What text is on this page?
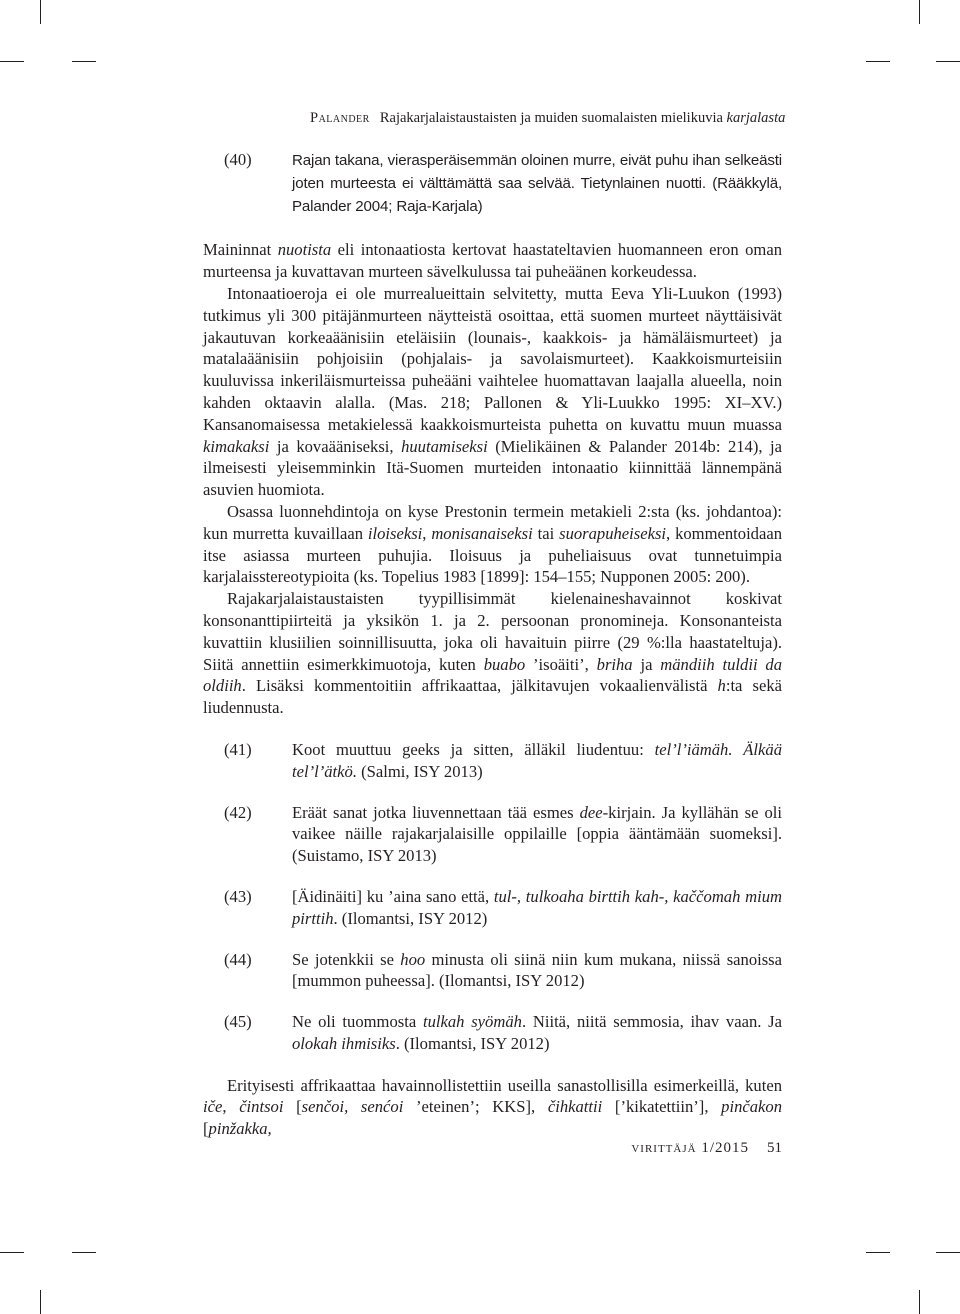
Palander Rajakarjalaistaustaisten ja muiden suomalaisten mielikuvia karjalasta
(40)	Rajan takana, vierasperäisemmän oloinen murre, eivät puhu ihan selkeästi joten murteesta ei välttämättä saa selvää. Tietynlainen nuotti. (Rääkkylä, Palander 2004; Raja-Karjala)

Maininnat nuotista eli intonaatiosta kertovat haastateltavien huomanneen eron oman murteensa ja kuvattavan murteen sävelkulussa tai puheäänen korkeudessa.

Intonaatioeroja ei ole murrealueittain selvitetty, mutta Eeva Yli-Luukon (1993) tutkimus yli 300 pitäjänmurteen näytteistä osoittaa, että suomen murteet näyttäisivät jakautuvan korkeaäänisiin eteläisiin (lounais-, kaakkois- ja hämäläismurteet) ja matalaäänisiin pohjoisiin (pohjalais- ja savolaismurteet). Kaakkoismurteisiin kuuluvissa inkeriläismurteissa puheääni vaihtelee huomattavan laajalla alueella, noin kahden oktaavin alalla. (Mas. 218; Pallonen & Yli-Luukko 1995: XI–XV.) Kansanomaisessa metakielessä kaakkoismurteista puhetta on kuvattu muun muassa kimakaksi ja kovaääniseksi, huutamiseksi (Mielikäinen & Palander 2014b: 214), ja ilmeisesti yleisemminkin Itä-Suomen murteiden intonaatio kiinnittää lännempänä asuvien huomiota.

Osassa luonnehdintoja on kyse Prestonin termein metakieli 2:sta (ks. johdantoa): kun murretta kuvaillaan iloiseksi, monisanaiseksi tai suorapuheiseksi, kommentoidaan itse asiassa murteen puhujia. Iloisuus ja puheliaisuus ovat tunnetuimpia karjalaisstereotypioita (ks. Topelius 1983 [1899]: 154–155; Nupponen 2005: 200).

Rajakarjalaistaustaisten tyypillisimmät kielenaineshavainnot koskivat konsonanttipiirteitä ja yksikön 1. ja 2. persoonan pronomineja. Konsonanteista kuvattiin klusiilien soinnillisuutta, joka oli havaituin piirre (29 %:lla haastateltuja). Siitä annettiin esimerkkimuotoja, kuten buabo ’isoäiti’, briha ja mändiih tuldii da oldiih. Lisäksi kommentoitiin affrikaattaa, jälkitavujen vokaalienvälistä h:ta sekä liudennusta.

(41)	Koot muuttuu geeks ja sitten, älläkil liudentuu: tel’l’iämäh. Älkää tel’l’ätkö. (Salmi, ISY 2013)
(42)	Eräät sanat jotka liuvennettaan tää esmes dee-kirjain. Ja kyllähän se oli vaikee näille rajakarjalaisille oppilaille [oppia ääntämään suomeksi]. (Suistamo, ISY 2013)
(43)	[Äidinäiti] ku ’aina sano että, tul-, tulkoaha birttih kah-, kaččomah mium pirttih. (Ilomantsi, ISY 2012)
(44)	Se jotenkkii se hoo minusta oli siinä niin kum mukana, niissä sanoissa [mummon puheessa]. (Ilomantsi, ISY 2012)
(45)	Ne oli tuommosta tulkah syömäh. Niitä, niitä semmosia, ihav vaan. Ja olokah ihmisiks. (Ilomantsi, ISY 2012)

Erityisesti affrikaattaa havainnollistettiin useilla sanastollisilla esimerkeillä, kuten iče, čintsoi [senčoi, senćoi ’eteinen’; KKS], čihkattii [’kikatettiin’], pinčakon [pinžakka,

virittäjä 1/2015 51
